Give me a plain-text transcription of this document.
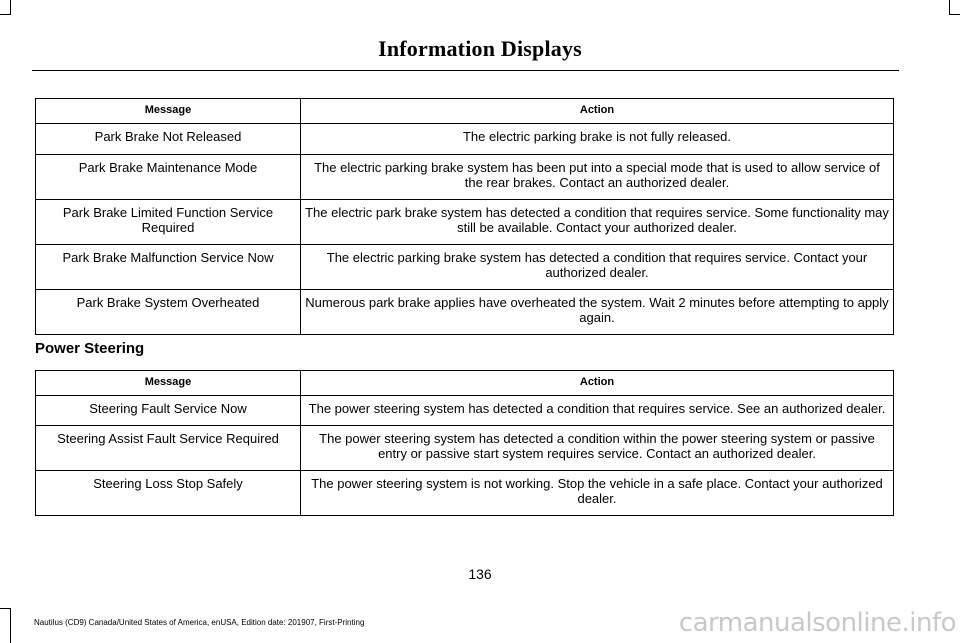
Information Displays
Message	Action
Park Brake Not Released	The electric parking brake is not fully released.
Park Brake Maintenance Mode	The electric parking brake system has been put into a special mode that is used to allow service of the rear brakes. Contact an authorized dealer.
Park Brake Limited Function Service Required	The electric park brake system has detected a condition that requires service. Some functionality may still be available. Contact your authorized dealer.
Park Brake Malfunction Service Now	The electric parking brake system has detected a condition that requires service. Contact your authorized dealer.
Park Brake System Overheated	Numerous park brake applies have overheated the system. Wait 2 minutes before attempting to apply again.
Power Steering
Message	Action
Steering Fault Service Now	The power steering system has detected a condition that requires service. See an authorized dealer.
Steering Assist Fault Service Required	The power steering system has detected a condition within the power steering system or passive entry or passive start system requires service. Contact an authorized dealer.
Steering Loss Stop Safely	The power steering system is not working. Stop the vehicle in a safe place. Contact your authorized dealer.
136
Nautilus (CD9) Canada/United States of America, enUSA, Edition date: 201907, First-Printing	carmanualsonline.info
